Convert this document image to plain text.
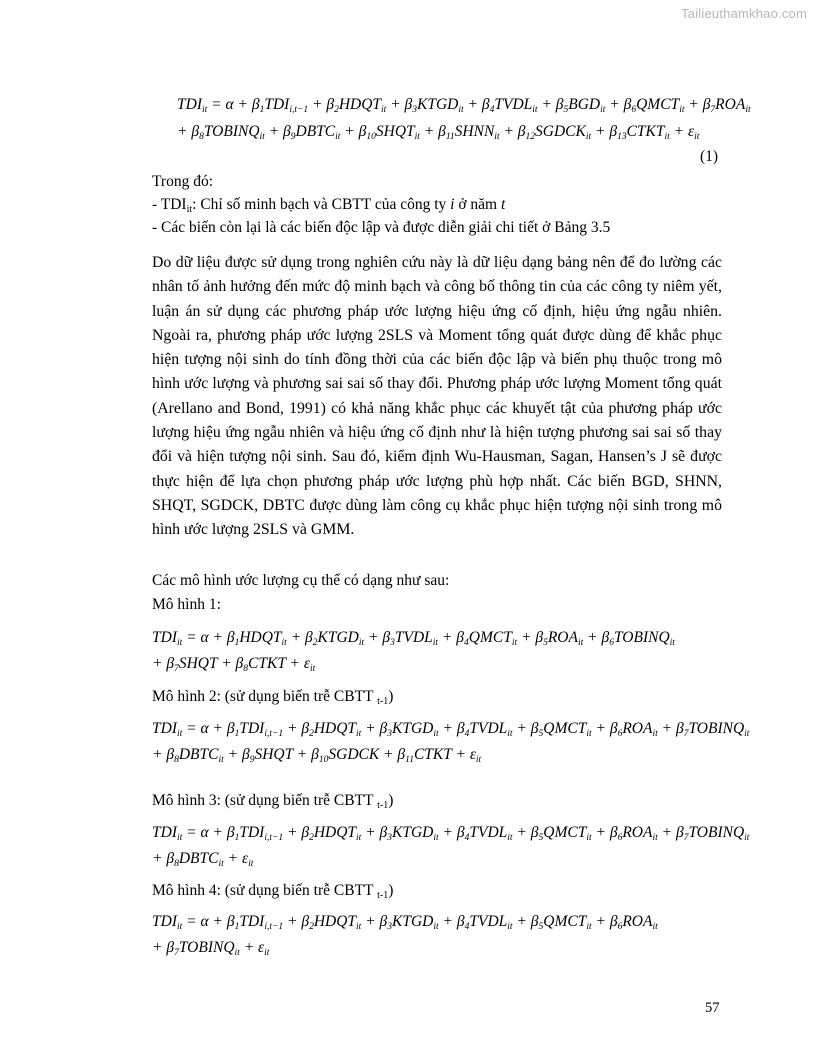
Tailieuthamkhao.com
$TDI_{it} = \alpha + \beta_1TDI_{i,t-1}$ + $\beta_2HDQT_{it}$ + $\beta_3KTGD_{it}$ + $\beta_4TVDL_{it} + \beta_5BGD_{it}$ + $\beta_6QMCT_{it} + \beta_7ROA_{it}$
+ $\beta_8TOBINQ_{it}$ + $\beta_9DBTC_{it}$ + $\beta_{10}SHQT_{it}$ + $\beta_{11}SHNN_{it}$ + $\beta_{12}SGDCK_{it}$ + $\beta_{13}CTKT_{it} + \varepsilon_{it}$
(1)
Trong đó:
- $TDI_{it}$: Chỉ số minh bạch và CBTT của công ty i ở năm t
- Các biến còn lại là các biến độc lập và được diễn giải chi tiết ở Bảng 3.5

Do dữ liệu được sử dụng trong nghiên cứu này là dữ liệu dạng bảng nên để đo lường các nhân tố ảnh hưởng đến mức độ minh bạch và công bố thông tin của các công ty niêm yết, luận án sử dụng các phương pháp ước lượng hiệu ứng cố định, hiệu ứng ngẫu nhiên. Ngoài ra, phương pháp ước lượng 2SLS và Moment tổng quát được dùng để khắc phục hiện tượng nội sinh do tính đồng thời của các biến độc lập và biến phụ thuộc trong mô hình ước lượng và phương sai sai số thay đổi. Phương pháp ước lượng Moment tổng quát (Arellano and Bond, 1991) có khả năng khắc phục các khuyết tật của phương pháp ước lượng hiệu ứng ngẫu nhiên và hiệu ứng cố định như là hiện tượng phương sai sai số thay đổi và hiện tượng nội sinh. Sau đó, kiểm định Wu-Hausman, Sagan, Hansen’s J sẽ được thực hiện để lựa chọn phương pháp ước lượng phù hợp nhất. Các biến BGD, SHNN, SHQT, SGDCK, DBTC được dùng làm công cụ khắc phục hiện tượng nội sinh trong mô hình ước lượng 2SLS và GMM.

Các mô hình ước lượng cụ thể có dạng như sau:
Mô hình 1:
$TDI_{it} = \alpha$ + $\beta_1HDQT_{it}$ + $\beta_2KTGD_{it}$ + $\beta_3TVDL_{it}$ + $\beta_4QMCT_{it} + \beta_5ROA_{it}$ + $\beta_6TOBINQ_{it}$
+ $\beta_7SHQT$ + $\beta_8CTKT + \varepsilon_{it}$
Mô hình 2: (sử dụng biến trễ CBTT $_{t-1}$)
$TDI_{it} = \alpha + \beta_1TDI_{i,t-1}$ + $\beta_2HDQT_{it}$ + $\beta_3KTGD_{it}$ + $\beta_4TVDL_{it}$ + $\beta_5QMCT_{it} + \beta_6ROA_{it}$ + $\beta_7TOBINQ_{it}$
+ $\beta_8DBTC_{it}$ + $\beta_9SHQT$ + $\beta_{10}SGDCK$ + $\beta_{11}CTKT + \varepsilon_{it}$
Mô hình 3: (sử dụng biến trễ CBTT $_{t-1}$)
$TDI_{it} = \alpha + \beta_1TDI_{i,t-1}$ + $\beta_2HDQT_{it}$ + $\beta_3KTGD_{it}$ + $\beta_4TVDL_{it}$ + $\beta_5QMCT_{it} + \beta_6ROA_{it}$ + $\beta_7TOBINQ_{it}$
+ $\beta_8DBTC_{it} + \varepsilon_{it}$
Mô hình 4: (sử dụng biến trễ CBTT $_{t-1}$)
$TDI_{it} = \alpha + \beta_1TDI_{i,t-1}$ + $\beta_2HDQT_{it}$ + $\beta_3KTGD_{it}$ + $\beta_4TVDL_{it}$ + $\beta_5QMCT_{it} + \beta_6ROA_{it}$
+ $\beta_7TOBINQ_{it} + \varepsilon_{it}$
57
